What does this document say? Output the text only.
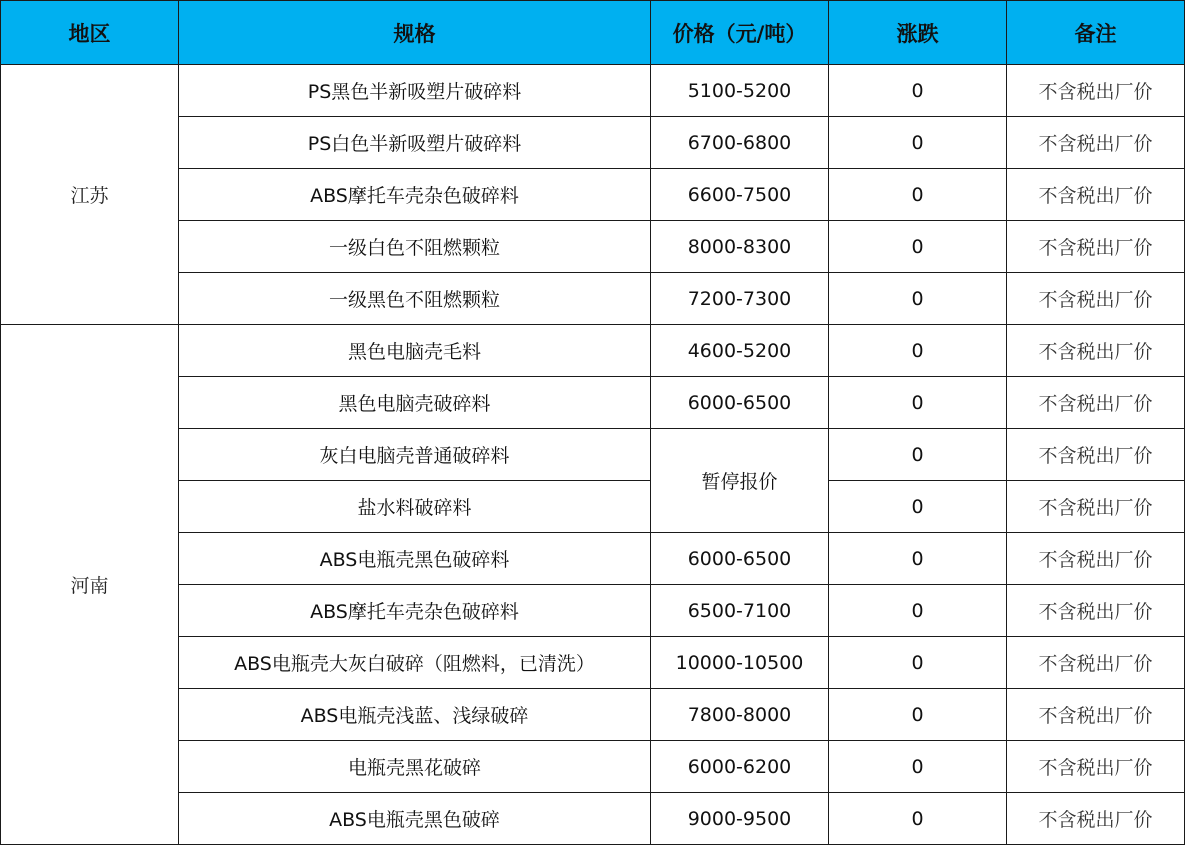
地区	规格	价格（元/吨）	涨跌	备注
江苏	PS黑色半新吸塑片破碎料	5100-5200	0	不含税出厂价
	PS白色半新吸塑片破碎料	6700-6800	0	不含税出厂价
	ABS摩托车壳杂色破碎料	6600-7500	0	不含税出厂价
	一级白色不阻燃颗粒	8000-8300	0	不含税出厂价
	一级黑色不阻燃颗粒	7200-7300	0	不含税出厂价
河南	黑色电脑壳毛料	4600-5200	0	不含税出厂价
	黑色电脑壳破碎料	6000-6500	0	不含税出厂价
	灰白电脑壳普通破碎料	暂停报价	0	不含税出厂价
	盐水料破碎料		0	不含税出厂价
	ABS电瓶壳黑色破碎料	6000-6500	0	不含税出厂价
	ABS摩托车壳杂色破碎料	6500-7100	0	不含税出厂价
	ABS电瓶壳大灰白破碎（阻燃料，已清洗）	10000-10500	0	不含税出厂价
	ABS电瓶壳浅蓝、浅绿破碎	7800-8000	0	不含税出厂价
	电瓶壳黑花破碎	6000-6200	0	不含税出厂价
	ABS电瓶壳黑色破碎	9000-9500	0	不含税出厂价
